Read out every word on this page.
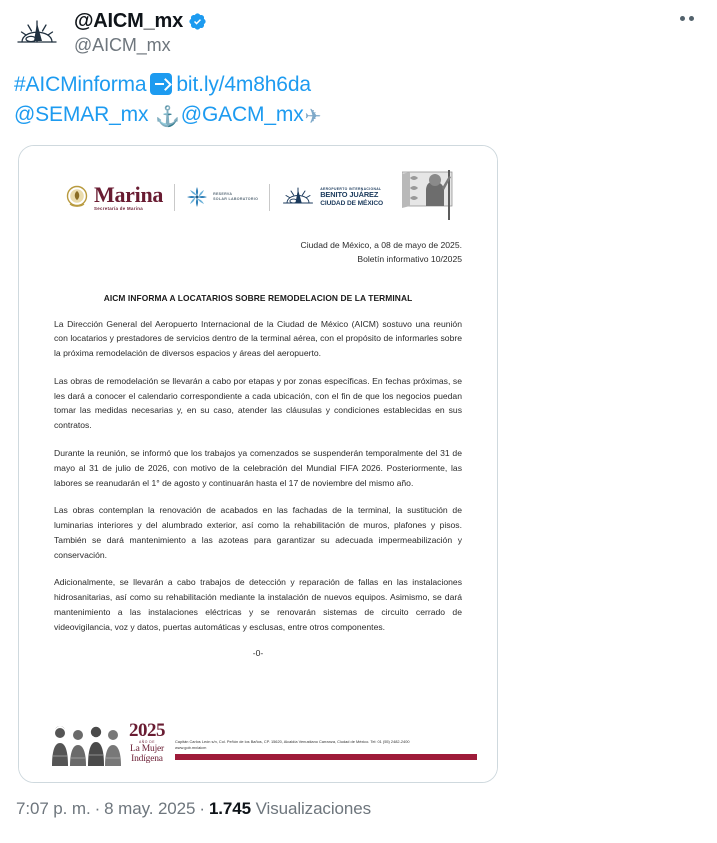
@AICM_mx
@AICM_mx
#AICMinforma bit.ly/4m8h6da
@SEMAR_mx ⚓@GACM_mx✈
Marina
Secretaría de Marina
RESERVA
SOLAR LABORATORIO
AEROPUERTO INTERNACIONAL
BENITO JUÁREZ
CIUDAD DE MÉXICO
Ciudad de México, a 08 de mayo de 2025.
Boletín informativo 10/2025
AICM INFORMA A LOCATARIOS SOBRE REMODELACION DE LA TERMINAL

La Dirección General del Aeropuerto Internacional de la Ciudad de México (AICM) sostuvo una reunión con locatarios y prestadores de servicios dentro de la terminal aérea, con el propósito de informarles sobre la próxima remodelación de diversos espacios y áreas del aeropuerto.

Las obras de remodelación se llevarán a cabo por etapas y por zonas específicas. En fechas próximas, se les dará a conocer el calendario correspondiente a cada ubicación, con el fin de que los negocios puedan tomar las medidas necesarias y, en su caso, atender las cláusulas y condiciones establecidas en sus contratos.

Durante la reunión, se informó que los trabajos ya comenzados se suspenderán temporalmente del 31 de mayo al 31 de julio de 2026, con motivo de la celebración del Mundial FIFA 2026. Posteriormente, las labores se reanudarán el 1° de agosto y continuarán hasta el 17 de noviembre del mismo año.

Las obras contemplan la renovación de acabados en las fachadas de la terminal, la sustitución de luminarias interiores y del alumbrado exterior, así como la rehabilitación de muros, plafones y pisos. También se dará mantenimiento a las azoteas para garantizar su adecuada impermeabilización y conservación.

Adicionalmente, se llevarán a cabo trabajos de detección y reparación de fallas en las instalaciones hidrosanitarias, así como su rehabilitación mediante la instalación de nuevos equipos. Asimismo, se dará mantenimiento a las instalaciones eléctricas y se renovarán sistemas de circuito cerrado de videovigilancia, voz y datos, puertas automáticas y esclusas, entre otros componentes.

-0-
2025
AÑO DE
La Mujer
Indígena
Capitán Carlos León s/n, Col. Peñón de los Baños, CP. 15620, Alcaldía Venustiano Carranza, Ciudad de México. Tel: 01 (55) 2482-2400
www.gob.mx/aicm
7:07 p. m. · 8 may. 2025 · 1.745 Visualizaciones
